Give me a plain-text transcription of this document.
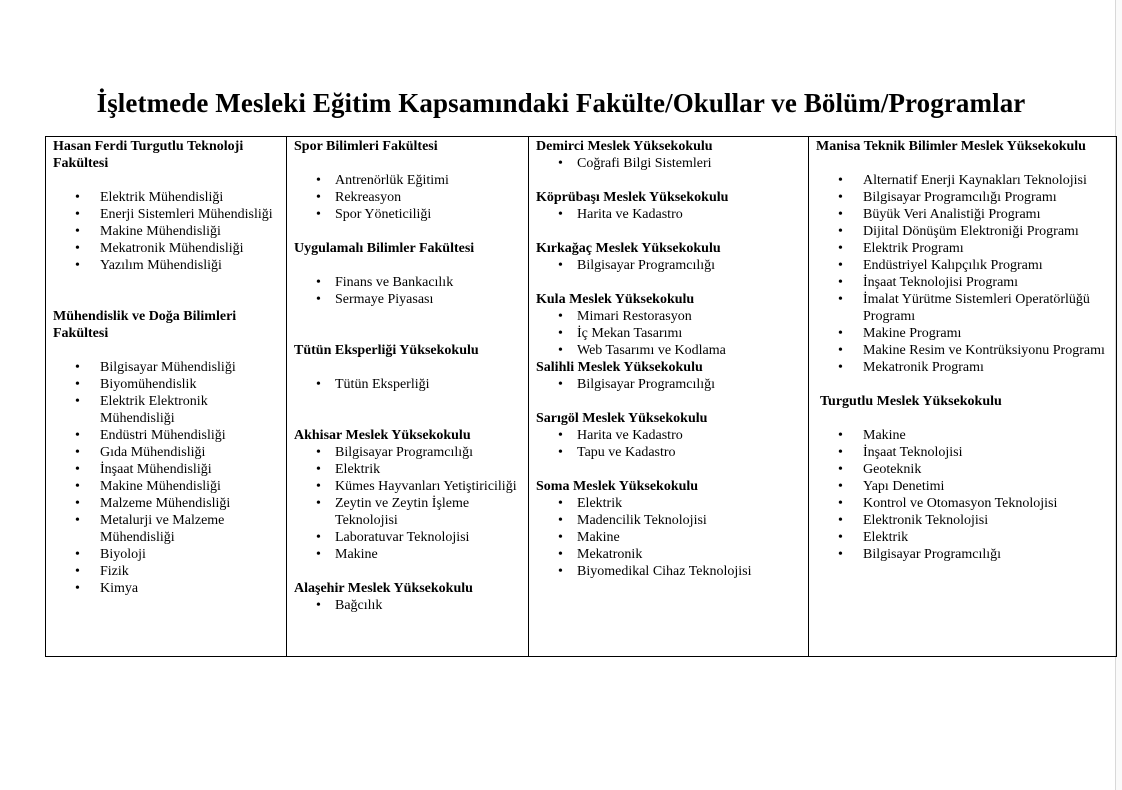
İşletmede Mesleki Eğitim Kapsamındaki Fakülte/Okullar ve Bölüm/Programlar
Hasan Ferdi Turgutlu Teknoloji Fakültesi
• Elektrik Mühendisliği
• Enerji Sistemleri Mühendisliği
• Makine Mühendisliği
• Mekatronik Mühendisliği
• Yazılım Mühendisliği
Mühendislik ve Doğa Bilimleri Fakültesi
• Bilgisayar Mühendisliği
• Biyomühendislik
• Elektrik Elektronik Mühendisliği
• Endüstri Mühendisliği
• Gıda Mühendisliği
• İnşaat Mühendisliği
• Makine Mühendisliği
• Malzeme Mühendisliği
• Metalurji ve Malzeme Mühendisliği
• Biyoloji
• Fizik
• Kimya

Spor Bilimleri Fakültesi
• Antrenörlük Eğitimi
• Rekreasyon
• Spor Yöneticiliği
Uygulamalı Bilimler Fakültesi
• Finans ve Bankacılık
• Sermaye Piyasası
Tütün Eksperliği Yüksekokulu
• Tütün Eksperliği
Akhisar Meslek Yüksekokulu
• Bilgisayar Programcılığı
• Elektrik
• Kümes Hayvanları Yetiştiriciliği
• Zeytin ve Zeytin İşleme Teknolojisi
• Laboratuvar Teknolojisi
• Makine
Alaşehir Meslek Yüksekokulu
• Bağcılık

Demirci Meslek Yüksekokulu
• Coğrafi Bilgi Sistemleri
Köprübaşı Meslek Yüksekokulu
• Harita ve Kadastro
Kırkağaç Meslek Yüksekokulu
• Bilgisayar Programcılığı
Kula Meslek Yüksekokulu
• Mimari Restorasyon
• İç Mekan Tasarımı
• Web Tasarımı ve Kodlama
Salihli Meslek Yüksekokulu
• Bilgisayar Programcılığı
Sarıgöl Meslek Yüksekokulu
• Harita ve Kadastro
• Tapu ve Kadastro
Soma Meslek Yüksekokulu
• Elektrik
• Madencilik Teknolojisi
• Makine
• Mekatronik
• Biyomedikal Cihaz Teknolojisi

Manisa Teknik Bilimler Meslek Yüksekokulu
• Alternatif Enerji Kaynakları Teknolojisi
• Bilgisayar Programcılığı Programı
• Büyük Veri Analistiği Programı
• Dijital Dönüşüm Elektroniği Programı
• Elektrik Programı
• Endüstriyel Kalıpçılık Programı
• İnşaat Teknolojisi Programı
• İmalat Yürütme Sistemleri Operatörlüğü Programı
• Makine Programı
• Makine Resim ve Kontrüksiyonu Programı
• Mekatronik Programı
Turgutlu Meslek Yüksekokulu
• Makine
• İnşaat Teknolojisi
• Geoteknik
• Yapı Denetimi
• Kontrol ve Otomasyon Teknolojisi
• Elektronik Teknolojisi
• Elektrik
• Bilgisayar Programcılığı
